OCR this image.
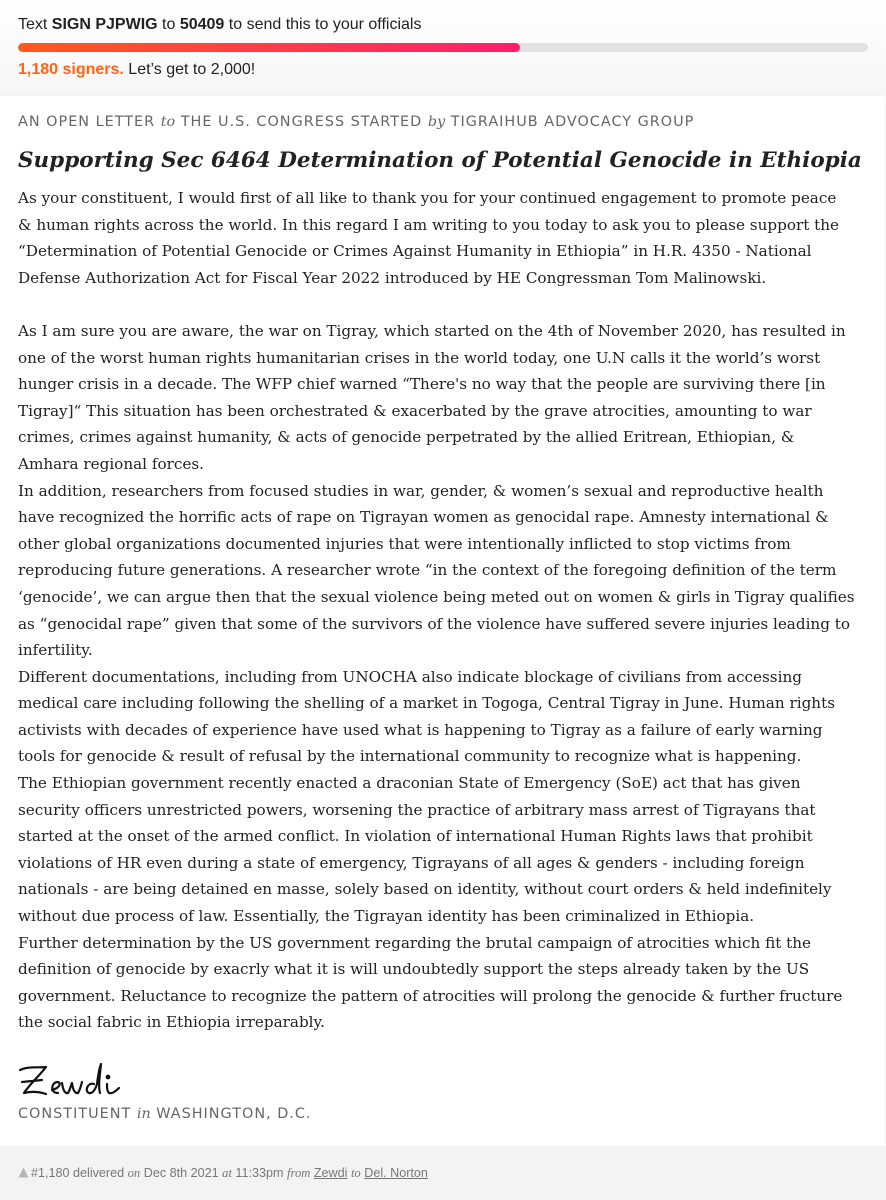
Text SIGN PJPWIG to 50409 to send this to your officials
1,180 signers. Let’s get to 2,000!
AN OPEN LETTER to THE U.S. CONGRESS STARTED by TIGRAIHUB ADVOCACY GROUP
Supporting Sec 6464 Determination of Potential Genocide in Ethiopia

As your constituent, I would first of all like to thank you for your continued engagement to promote peace
& human rights across the world. In this regard I am writing to you today to ask you to please support the
“Determination of Potential Genocide or Crimes Against Humanity in Ethiopia” in H.R. 4350 - National
Defense Authorization Act for Fiscal Year 2022 introduced by HE Congressman Tom Malinowski.

As I am sure you are aware, the war on Tigray, which started on the 4th of November 2020, has resulted in
one of the worst human rights humanitarian crises in the world today, one U.N calls it the world’s worst
hunger crisis in a decade. The WFP chief warned “There's no way that the people are surviving there [in
Tigray]“ This situation has been orchestrated & exacerbated by the grave atrocities, amounting to war
crimes, crimes against humanity, & acts of genocide perpetrated by the allied Eritrean, Ethiopian, &
Amhara regional forces.

In addition, researchers from focused studies in war, gender, & women’s sexual and reproductive health
have recognized the horrific acts of rape on Tigrayan women as genocidal rape. Amnesty international &
other global organizations documented injuries that were intentionally inflicted to stop victims from
reproducing future generations. A researcher wrote “in the context of the foregoing definition of the term
‘genocide’, we can argue then that the sexual violence being meted out on women & girls in Tigray qualifies
as “genocidal rape” given that some of the survivors of the violence have suffered severe injuries leading to
infertility.

Different documentations, including from UNOCHA also indicate blockage of civilians from accessing
medical care including following the shelling of a market in Togoga, Central Tigray in June. Human rights
activists with decades of experience have used what is happening to Tigray as a failure of early warning
tools for genocide & result of refusal by the international community to recognize what is happening.

The Ethiopian government recently enacted a draconian State of Emergency (SoE) act that has given
security officers unrestricted powers, worsening the practice of arbitrary mass arrest of Tigrayans that
started at the onset of the armed conflict. In violation of international Human Rights laws that prohibit
violations of HR even during a state of emergency, Tigrayans of all ages & genders - including foreign
nationals - are being detained en masse, solely based on identity, without court orders & held indefinitely
without due process of law. Essentially, the Tigrayan identity has been criminalized in Ethiopia.

Further determination by the US government regarding the brutal campaign of atrocities which fit the
definition of genocide by exacrly what it is will undoubtedly support the steps already taken by the US
government. Reluctance to recognize the pattern of atrocities will prolong the genocide & further fructure
the social fabric in Ethiopia irreparably.

CONSTITUENT in WASHINGTON, D.C.
#1,180 delivered on Dec 8th 2021 at 11:33pm from Zewdi to Del. Norton
